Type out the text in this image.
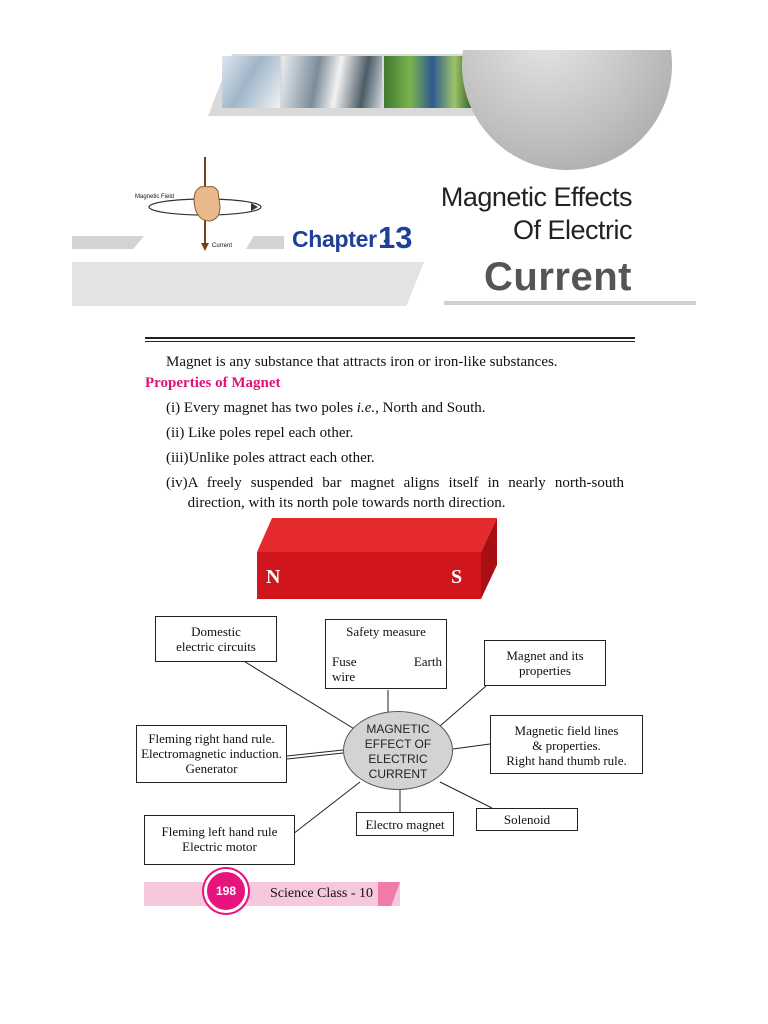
Magnetic Field
Current	Chapter -
13
Magnetic Effects
Of Electric
Current
Magnet is any substance that attracts iron or iron-like substances.
Properties of Magnet
(i) Every magnet has two poles i.e., North and South.
(ii) Like poles repel each other.
(iii)Unlike poles attract each other.
(iv) A freely suspended bar magnet aligns itself in nearly north-south direction, with its north pole towards north direction.
N	S
Domestic
electric circuits
Safety measure
Fuse
wire
Earth	Magnet and its
properties
Fleming right hand rule.
Electromagnetic induction.
Generator
MAGNETIC
EFFECT OF
ELECTRIC
CURRENT
Magnetic field lines
& properties.
Right hand thumb rule.
Fleming left hand rule
Electric motor
Electro magnet	Solenoid
198	Science Class - 10
